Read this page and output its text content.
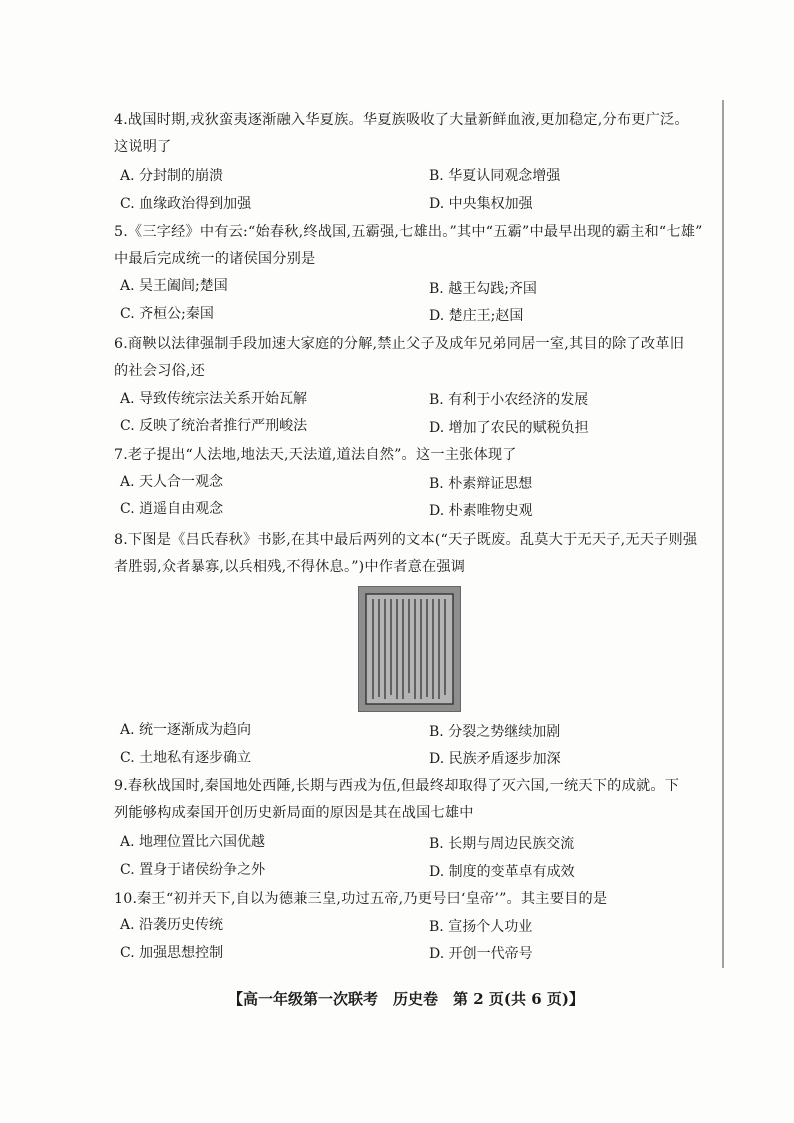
4.战国时期,戎狄蛮夷逐渐融入华夏族。华夏族吸收了大量新鲜血液,更加稳定,分布更广泛。
这说明了
A. 分封制的崩溃	B. 华夏认同观念增强
C. 血缘政治得到加强	D. 中央集权加强
5.《三字经》中有云:“始春秋,终战国,五霸强,七雄出。”其中“五霸”中最早出现的霸主和“七雄”
中最后完成统一的诸侯国分别是
A. 吴王阖闾;楚国	B. 越王勾践;齐国
C. 齐桓公;秦国	D. 楚庄王;赵国
6.商鞅以法律强制手段加速大家庭的分解,禁止父子及成年兄弟同居一室,其目的除了改革旧
的社会习俗,还
A. 导致传统宗法关系开始瓦解	B. 有利于小农经济的发展
C. 反映了统治者推行严刑峻法	D. 增加了农民的赋税负担
7.老子提出“人法地,地法天,天法道,道法自然”。这一主张体现了
A. 天人合一观念	B. 朴素辩证思想
C. 逍遥自由观念	D. 朴素唯物史观
8.下图是《吕氏春秋》书影,在其中最后两列的文本(“天子既废。乱莫大于无天子,无天子则强
者胜弱,众者暴寡,以兵相残,不得休息。”)中作者意在强调
A. 统一逐渐成为趋向	B. 分裂之势继续加剧
C. 土地私有逐步确立	D. 民族矛盾逐步加深
9.春秋战国时,秦国地处西陲,长期与西戎为伍,但最终却取得了灭六国,一统天下的成就。下
列能够构成秦国开创历史新局面的原因是其在战国七雄中
A. 地理位置比六国优越	B. 长期与周边民族交流
C. 置身于诸侯纷争之外	D. 制度的变革卓有成效
10.秦王“初并天下,自以为德兼三皇,功过五帝,乃更号曰‘皇帝’”。其主要目的是
A. 沿袭历史传统	B. 宣扬个人功业
C. 加强思想控制	D. 开创一代帝号
【高一年级第一次联考　历史卷　第 2 页(共 6 页)】
